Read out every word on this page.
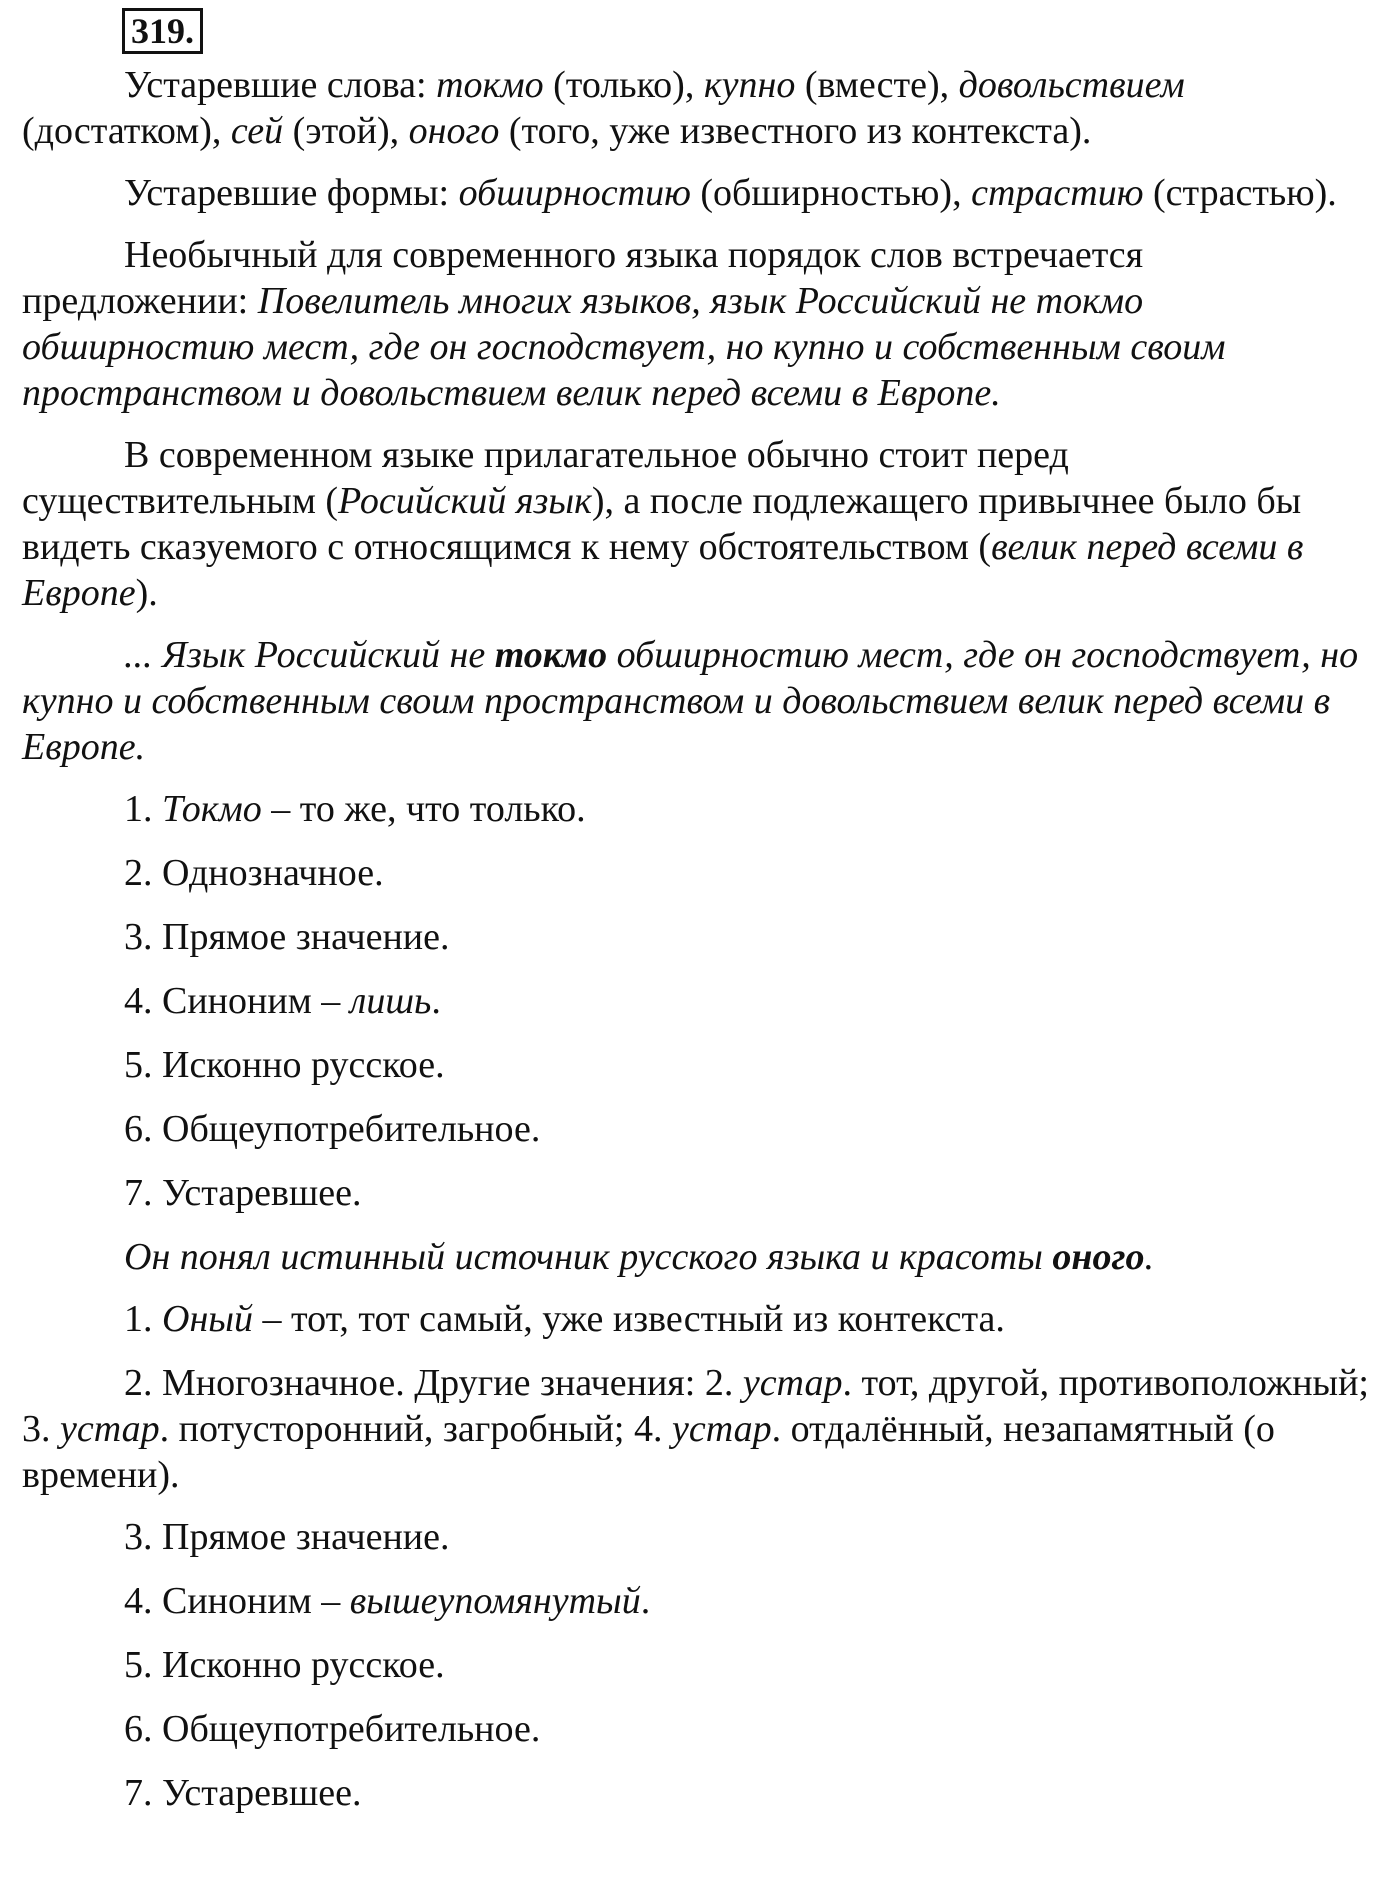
319.

Устаревшие слова: токмо (только), купно (вместе), довольствием (достатком), сей (этой), оного (того, уже известного из контекста).

Устаревшие формы: обширностию (обширностью), страстию (страстью).

Необычный для современного языка порядок слов встречается предложении: Повелитель многих языков, язык Российский не токмо обширностию мест, где он господствует, но купно и собственным своим пространством и довольствием велик перед всеми в Европе.

В современном языке прилагательное обычно стоит перед существительным (Росийский язык), а после подлежащего привычнее было бы видеть сказуемого с относящимся к нему обстоятельством (велик перед всеми в Европе).

... Язык Российский не токмо обширностию мест, где он господствует, но купно и собственным своим пространством и довольствием велик перед всеми в Европе.

1. Токмо – то же, что только.

2. Однозначное.

3. Прямое значение.

4. Синоним – лишь.

5. Исконно русское.

6. Общеупотребительное.

7. Устаревшее.

Он понял истинный источник русского языка и красоты оного.

1. Оный – тот, тот самый, уже известный из контекста.

2. Многозначное. Другие значения: 2. устар. тот, другой, противоположный; 3. устар. потусторонний, загробный; 4. устар. отдалённый, незапамятный (о времени).

3. Прямое значение.

4. Синоним – вышеупомянутый.

5. Исконно русское.

6. Общеупотребительное.

7. Устаревшее.
